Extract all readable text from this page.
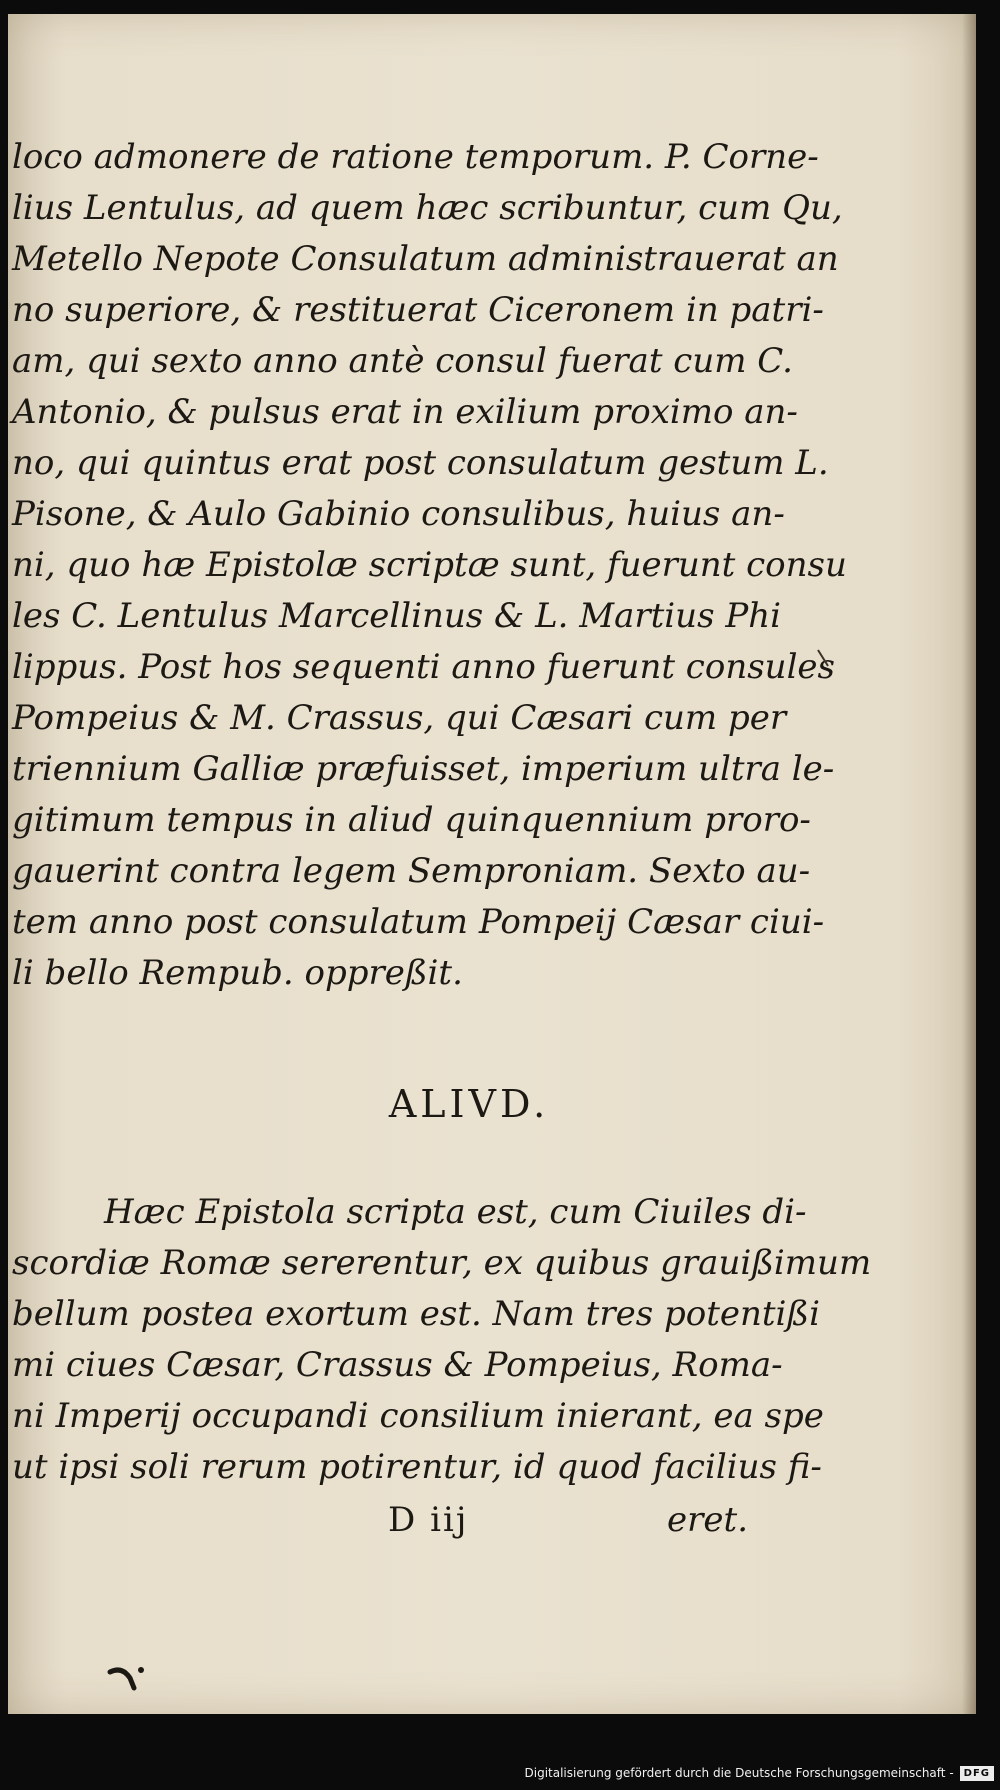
loco admonere de ratione temporum. P. Corne-
lius Lentulus, ad quem hæc scribuntur, cum Qu,
Metello Nepote Consulatum administrauerat an
no superiore, & restituerat Ciceronem in patri-
am, qui sexto anno antè consul fuerat cum C.
Antonio, & pulsus erat in exilium proximo an-
no, qui quintus erat post consulatum gestum L.
Pisone, & Aulo Gabinio consulibus, huius an-
ni, quo hæ Epistolæ scriptæ sunt, fuerunt consu
les C. Lentulus Marcellinus & L. Martius Phi
lippus. Post hos sequenti anno fuerunt consules
Pompeius & M. Crassus, qui Cæsari cum per
triennium Galliæ præfuisset, imperium ultra le-
gitimum tempus in aliud quinquennium proro-
gauerint contra legem Semproniam. Sexto au-
tem anno post consulatum Pompeij Cæsar ciui-
li bello Rempub. oppreßit.
ALIVD.
Hæc Epistola scripta est, cum Ciuiles di-
scordiæ Romæ sererentur, ex quibus grauißimum
bellum postea exortum est. Nam tres potentißi
mi ciues Cæsar, Crassus & Pompeius, Roma-
ni Imperij occupandi consilium inierant, ea spe
ut ipsi soli rerum potirentur, id quod facilius fi-
D iij	eret.
Digitalisierung gefördert durch die Deutsche Forschungsgemeinschaft -	DFG
